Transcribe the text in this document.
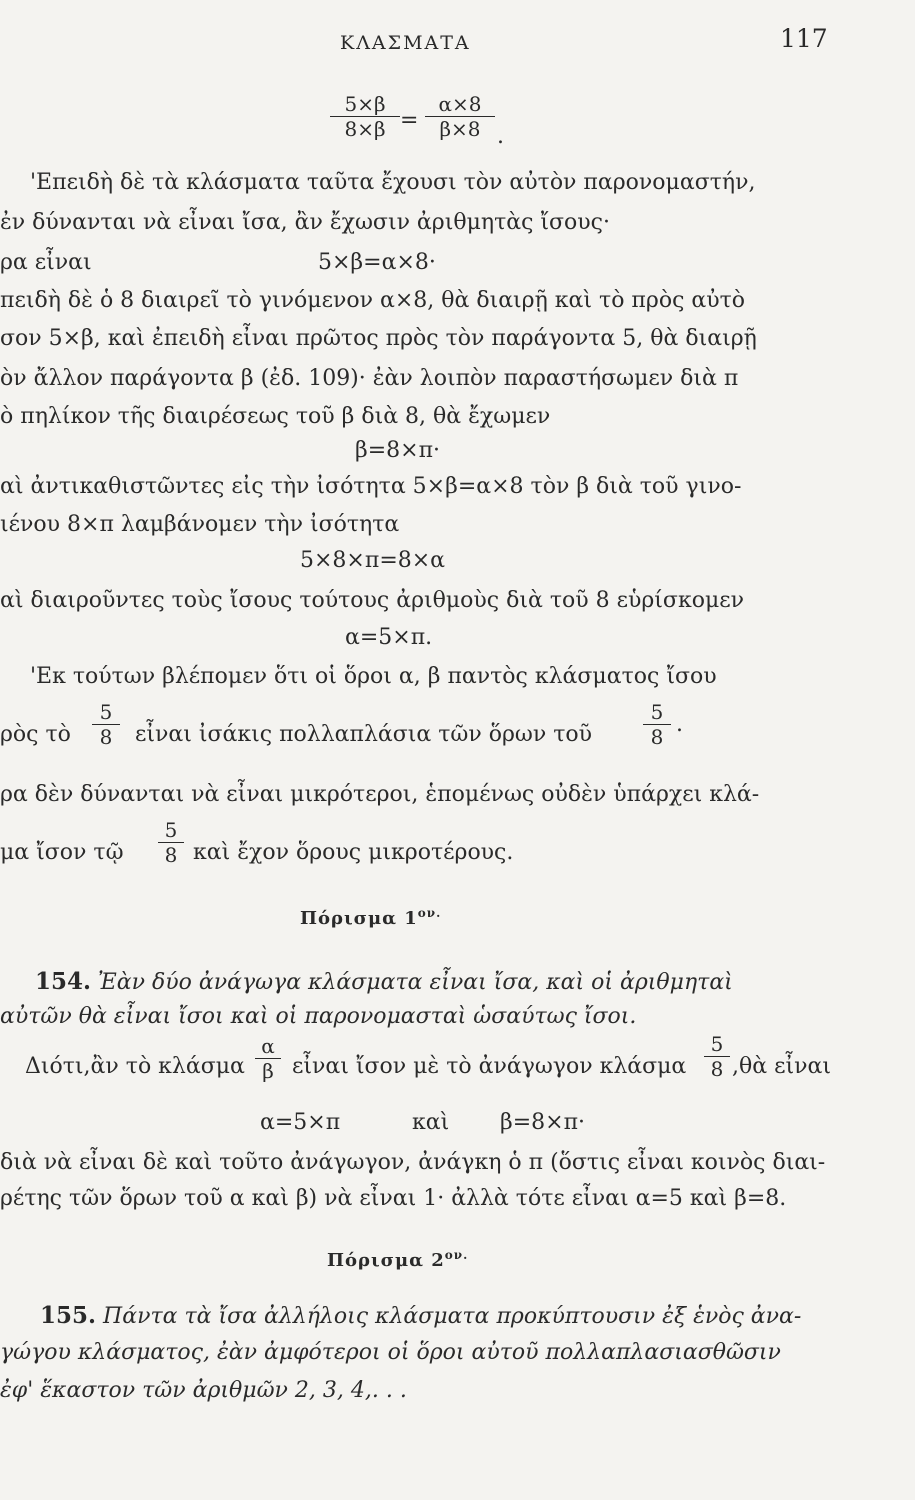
ΚΛΑΣΜΑΤΑ	117
5×β
8×β =
α×8
β×8 .
'Επειδὴ δὲ τὰ κλάσματα ταῦτα ἔχουσι τὸν αὐτὸν παρονομαστήν,
ἐν δύνανται νὰ εἶναι ἴσα, ἂν ἔχωσιν ἀριθμητὰς ἴσους·
ρα εἶναι	5×β=α×8·
πειδὴ δὲ ὁ 8 διαιρεῖ τὸ γινόμενον α×8, θὰ διαιρῇ καὶ τὸ πρὸς αὐτὸ
σον 5×β, καὶ ἐπειδὴ εἶναι πρῶτος πρὸς τὸν παράγοντα 5, θὰ διαιρῇ
ὸν ἄλλον παράγοντα β (ἐδ. 109)· ἐὰν λοιπὸν παραστήσωμεν διὰ π
ὸ πηλίκον τῆς διαιρέσεως τοῦ β διὰ 8, θὰ ἔχωμεν
β=8×π·
αὶ ἀντικαθιστῶντες εἰς τὴν ἰσότητα 5×β=α×8 τὸν β διὰ τοῦ γινο-
ιένου 8×π λαμβάνομεν τὴν ἰσότητα
5×8×π=8×α
αὶ διαιροῦντες τοὺς ἴσους τούτους ἀριθμοὺς διὰ τοῦ 8 εὑρίσκομεν
α=5×π.
'Εκ τούτων βλέπομεν ὅτι οἱ ὅροι α, β παντὸς κλάσματος ἴσου
ρὸς τὸ
5
8	εἶναι ἰσάκις πολλαπλάσια τῶν ὅρων τοῦ
5
8 .
ρα δὲν δύνανται νὰ εἶναι μικρότεροι, ἑπομένως οὐδὲν ὑπάρχει κλά-
μα ἴσον τῷ
5
8 καὶ ἔχον ὅρους μικροτέρους.
Πόρισμα $1^{o\nu.}$
154. Ἐὰν δύο ἀνάγωγα κλάσματα εἶναι ἴσα, καὶ οἱ ἀριθμηταὶ
αὐτῶν θὰ εἶναι ἴσοι καὶ οἱ παρονομασταὶ ὡσαύτως ἴσοι.
Διότι,ἂν τὸ κλάσμα
α
β εἶναι ἴσον μὲ τὸ ἀνάγωγον κλάσμα
5
8 ,θὰ εἶναι
α=5×π	καὶ β=8×π·
διὰ νὰ εἶναι δὲ καὶ τοῦτο ἀνάγωγον, ἀνάγκη ὁ π (ὅστις εἶναι κοινὸς διαι-
ρέτης τῶν ὅρων τοῦ α καὶ β) νὰ εἶναι 1· ἀλλὰ τότε εἶναι α=5 καὶ β=8.
Πόρισμα $2^{o\nu.}$
155. Πάντα τὰ ἴσα ἀλλήλοις κλάσματα προκύπτουσιν ἐξ ἑνὸς ἀνα-
γώγου κλάσματος, ἐὰν ἀμφότεροι οἱ ὅροι αὐτοῦ πολλαπλασιασθῶσιν
ἐφ' ἕκαστον τῶν ἀριθμῶν 2, 3, 4,. . .
